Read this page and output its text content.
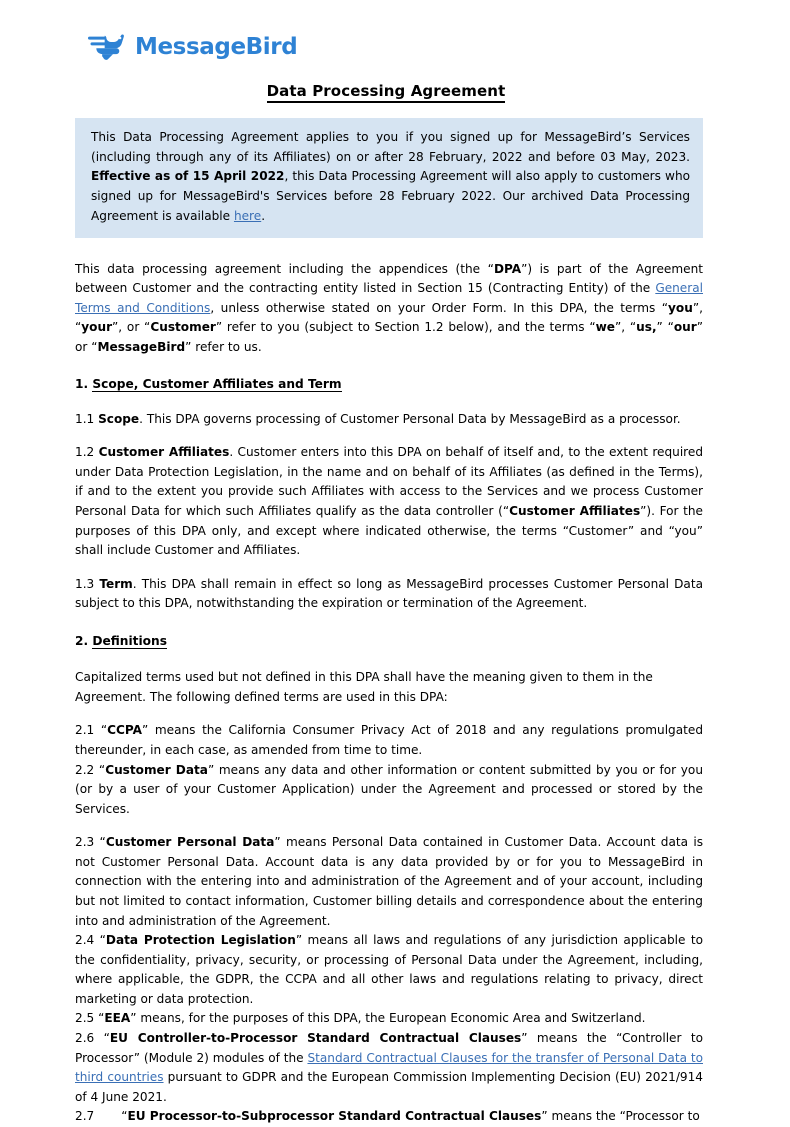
MessageBird
Data Processing Agreement
This Data Processing Agreement applies to you if you signed up for MessageBird’s Services (including through any of its Affiliates) on or after 28 February, 2022 and before 03 May, 2023. Effective as of 15 April 2022, this Data Processing Agreement will also apply to customers who signed up for MessageBird's Services before 28 February 2022. Our archived Data Processing Agreement is available here.

This data processing agreement including the appendices (the “DPA”) is part of the Agreement between Customer and the contracting entity listed in Section 15 (Contracting Entity) of the General Terms and Conditions, unless otherwise stated on your Order Form. In this DPA, the terms “you”, “your”, or “Customer” refer to you (subject to Section 1.2 below), and the terms “we”, “us,” “our” or “MessageBird” refer to us.

1. Scope, Customer Affiliates and Term

1.1 Scope. This DPA governs processing of Customer Personal Data by MessageBird as a processor.

1.2 Customer Affiliates. Customer enters into this DPA on behalf of itself and, to the extent required under Data Protection Legislation, in the name and on behalf of its Affiliates (as defined in the Terms), if and to the extent you provide such Affiliates with access to the Services and we process Customer Personal Data for which such Affiliates qualify as the data controller (“Customer Affiliates”). For the purposes of this DPA only, and except where indicated otherwise, the terms “Customer” and “you” shall include Customer and Affiliates.

1.3 Term. This DPA shall remain in effect so long as MessageBird processes Customer Personal Data subject to this DPA, notwithstanding the expiration or termination of the Agreement.

2. Definitions

Capitalized terms used but not defined in this DPA shall have the meaning given to them in the Agreement. The following defined terms are used in this DPA:

2.1 “CCPA” means the California Consumer Privacy Act of 2018 and any regulations promulgated thereunder, in each case, as amended from time to time.

2.2 “Customer Data” means any data and other information or content submitted by you or for you (or by a user of your Customer Application) under the Agreement and processed or stored by the Services.

2.3 “Customer Personal Data” means Personal Data contained in Customer Data. Account data is not Customer Personal Data. Account data is any data provided by or for you to MessageBird in connection with the entering into and administration of the Agreement and of your account, including but not limited to contact information, Customer billing details and correspondence about the entering into and administration of the Agreement.

2.4 “Data Protection Legislation” means all laws and regulations of any jurisdiction applicable to the confidentiality, privacy, security, or processing of Personal Data under the Agreement, including, where applicable, the GDPR, the CCPA and all other laws and regulations relating to privacy, direct marketing or data protection.

2.5 “EEA” means, for the purposes of this DPA, the European Economic Area and Switzerland.

2.6 “EU Controller-to-Processor Standard Contractual Clauses” means the “Controller to Processor” (Module 2) modules of the Standard Contractual Clauses for the transfer of Personal Data to third countries pursuant to GDPR and the European Commission Implementing Decision (EU) 2021/914 of 4 June 2021.

2.7 “EU Processor-to-Subprocessor Standard Contractual Clauses” means the “Processor to
